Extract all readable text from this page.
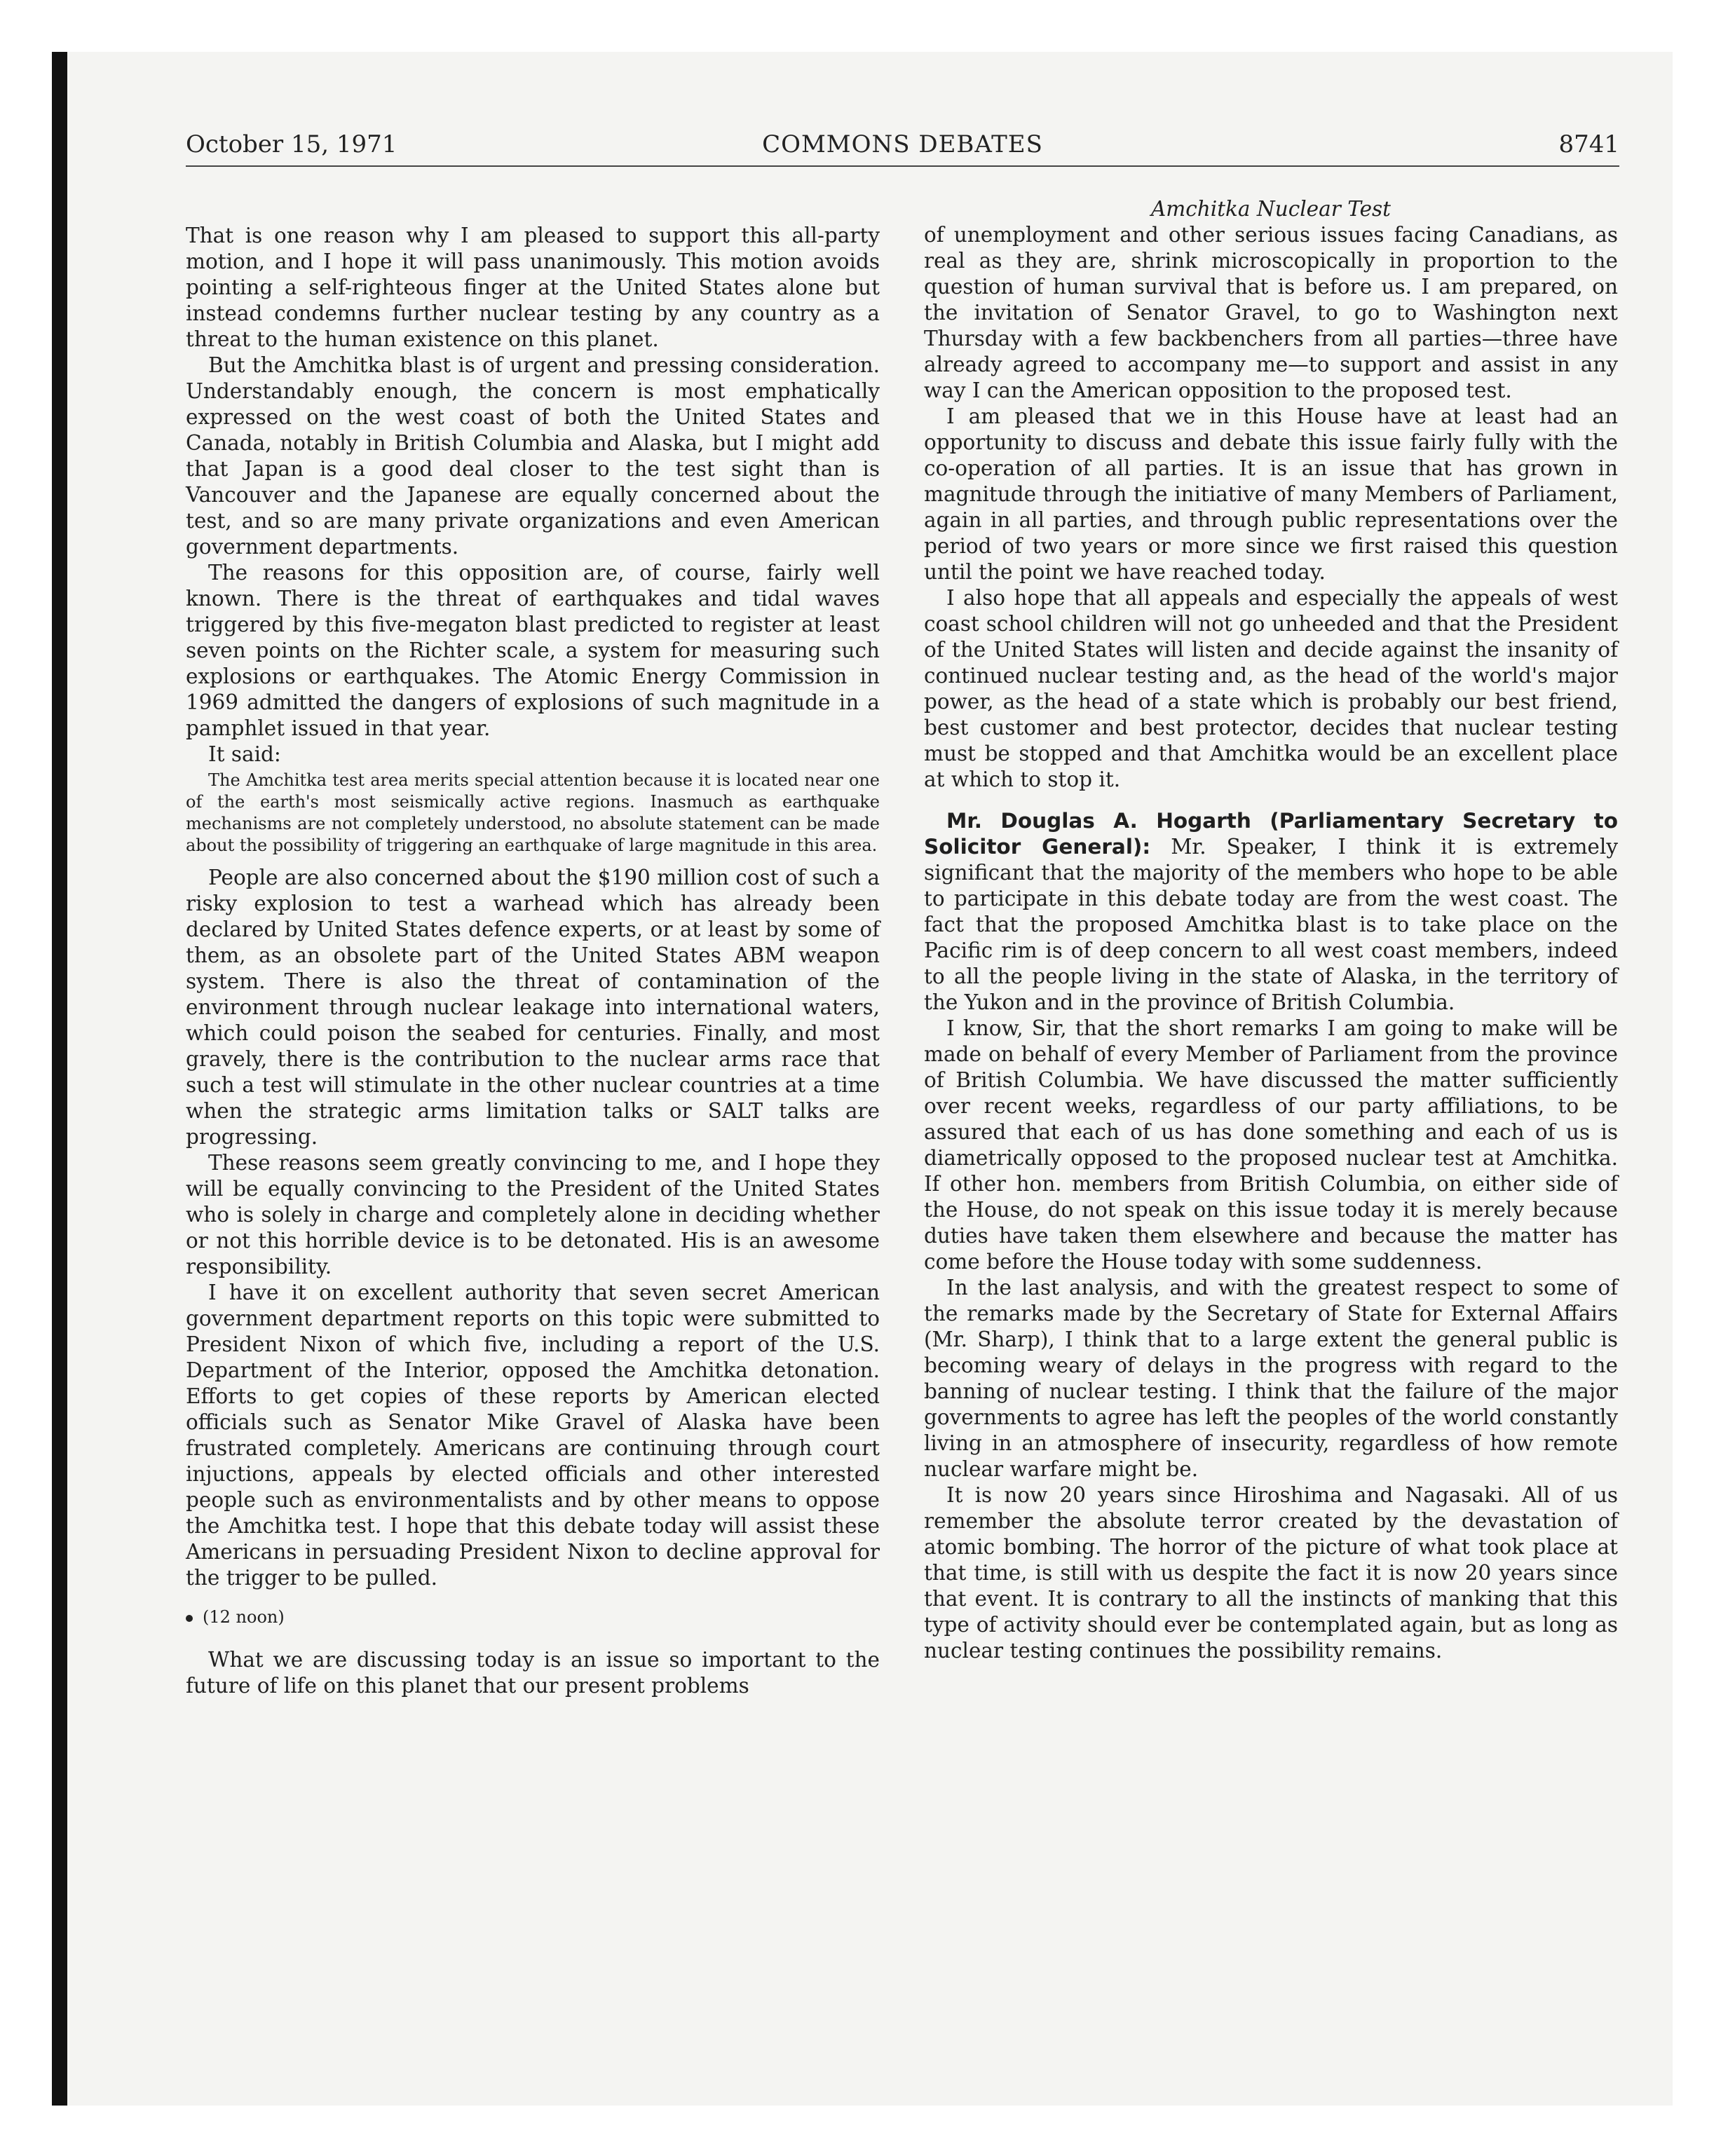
October 15, 1971	COMMONS DEBATES	8741

That is one reason why I am pleased to support this all-party motion, and I hope it will pass unanimously. This motion avoids pointing a self-righteous finger at the United States alone but instead condemns further nuclear testing by any country as a threat to the human existence on this planet.

But the Amchitka blast is of urgent and pressing consideration. Understandably enough, the concern is most emphatically expressed on the west coast of both the United States and Canada, notably in British Columbia and Alaska, but I might add that Japan is a good deal closer to the test sight than is Vancouver and the Japanese are equally concerned about the test, and so are many private organizations and even American government departments.

The reasons for this opposition are, of course, fairly well known. There is the threat of earthquakes and tidal waves triggered by this five-megaton blast predicted to register at least seven points on the Richter scale, a system for measuring such explosions or earthquakes. The Atomic Energy Commission in 1969 admitted the dangers of explosions of such magnitude in a pamphlet issued in that year.

It said:

The Amchitka test area merits special attention because it is located near one of the earth's most seismically active regions. Inasmuch as earthquake mechanisms are not completely understood, no absolute statement can be made about the possibility of triggering an earthquake of large magnitude in this area.

People are also concerned about the $190 million cost of such a risky explosion to test a warhead which has already been declared by United States defence experts, or at least by some of them, as an obsolete part of the United States ABM weapon system. There is also the threat of contamination of the environment through nuclear leakage into international waters, which could poison the seabed for centuries. Finally, and most gravely, there is the contribution to the nuclear arms race that such a test will stimulate in the other nuclear countries at a time when the strategic arms limitation talks or SALT talks are progressing.

These reasons seem greatly convincing to me, and I hope they will be equally convincing to the President of the United States who is solely in charge and completely alone in deciding whether or not this horrible device is to be detonated. His is an awesome responsibility.

I have it on excellent authority that seven secret American government department reports on this topic were submitted to President Nixon of which five, including a report of the U.S. Department of the Interior, opposed the Amchitka detonation. Efforts to get copies of these reports by American elected officials such as Senator Mike Gravel of Alaska have been frustrated completely. Americans are continuing through court injuctions, appeals by elected officials and other interested people such as environmentalists and by other means to oppose the Amchitka test. I hope that this debate today will assist these Americans in persuading President Nixon to decline approval for the trigger to be pulled.

(12 noon)

What we are discussing today is an issue so important to the future of life on this planet that our present problems

Amchitka Nuclear Test

of unemployment and other serious issues facing Canadians, as real as they are, shrink microscopically in proportion to the question of human survival that is before us. I am prepared, on the invitation of Senator Gravel, to go to Washington next Thursday with a few backbenchers from all parties—three have already agreed to accompany me—to support and assist in any way I can the American opposition to the proposed test.

I am pleased that we in this House have at least had an opportunity to discuss and debate this issue fairly fully with the co-operation of all parties. It is an issue that has grown in magnitude through the initiative of many Members of Parliament, again in all parties, and through public representations over the period of two years or more since we first raised this question until the point we have reached today.

I also hope that all appeals and especially the appeals of west coast school children will not go unheeded and that the President of the United States will listen and decide against the insanity of continued nuclear testing and, as the head of the world's major power, as the head of a state which is probably our best friend, best customer and best protector, decides that nuclear testing must be stopped and that Amchitka would be an excellent place at which to stop it.

Mr. Douglas A. Hogarth (Parliamentary Secretary to Solicitor General): Mr. Speaker, I think it is extremely significant that the majority of the members who hope to be able to participate in this debate today are from the west coast. The fact that the proposed Amchitka blast is to take place on the Pacific rim is of deep concern to all west coast members, indeed to all the people living in the state of Alaska, in the territory of the Yukon and in the province of British Columbia.

I know, Sir, that the short remarks I am going to make will be made on behalf of every Member of Parliament from the province of British Columbia. We have discussed the matter sufficiently over recent weeks, regardless of our party affiliations, to be assured that each of us has done something and each of us is diametrically opposed to the proposed nuclear test at Amchitka. If other hon. members from British Columbia, on either side of the House, do not speak on this issue today it is merely because duties have taken them elsewhere and because the matter has come before the House today with some suddenness.

In the last analysis, and with the greatest respect to some of the remarks made by the Secretary of State for External Affairs (Mr. Sharp), I think that to a large extent the general public is becoming weary of delays in the progress with regard to the banning of nuclear testing. I think that the failure of the major governments to agree has left the peoples of the world constantly living in an atmosphere of insecurity, regardless of how remote nuclear warfare might be.

It is now 20 years since Hiroshima and Nagasaki. All of us remember the absolute terror created by the devastation of atomic bombing. The horror of the picture of what took place at that time, is still with us despite the fact it is now 20 years since that event. It is contrary to all the instincts of manking that this type of activity should ever be contemplated again, but as long as nuclear testing continues the possibility remains.
